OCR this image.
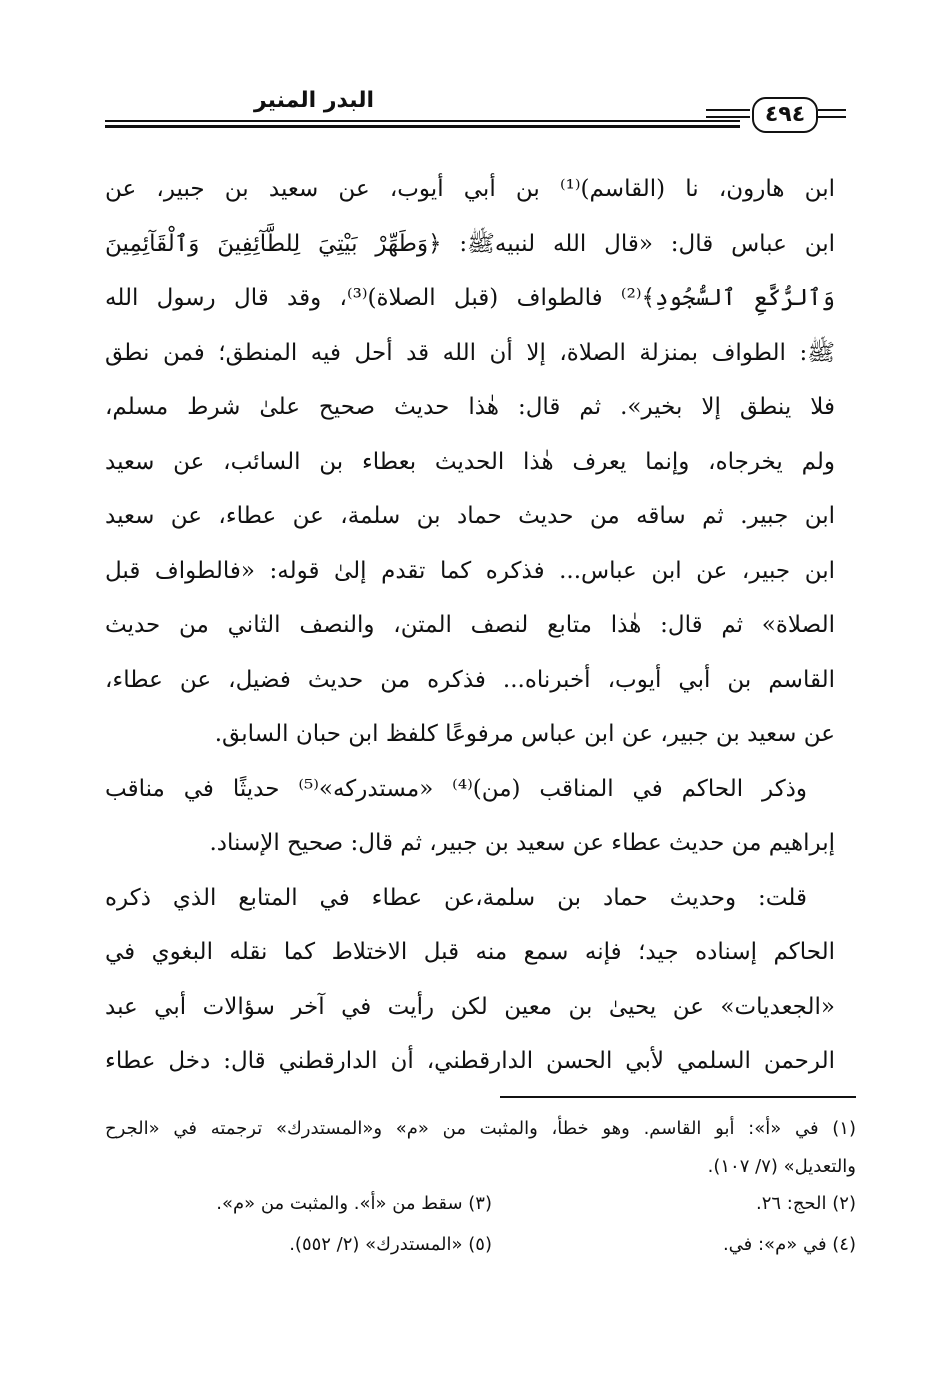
البدر المنير
٤٩٤
ابن هارون، نا (القاسم)⁽¹⁾ بن أبي أيوب، عن سعيد بن جبير، عن
ابن عباس قال: «قال الله لنبيهﷺ: ﴿وَطَهِّرْ بَيْتِيَ لِلطَّآئِفِينَ وَٱلْقَآئِمِينَ
وَٱلرُّكَّعِ ٱلسُّجُودِ﴾⁽²⁾ فالطواف (قبل الصلاة)⁽³⁾، وقد قال رسول الله
ﷺ: الطواف بمنزلة الصلاة، إلا أن الله قد أحل فيه المنطق؛ فمن نطق
فلا ينطق إلا بخير». ثم قال: هٰذا حديث صحيح علىٰ شرط مسلم،
ولم يخرجاه، وإنما يعرف هٰذا الحديث بعطاء بن السائب، عن سعيد
ابن جبير. ثم ساقه من حديث حماد بن سلمة، عن عطاء، عن سعيد
ابن جبير، عن ابن عباس... فذكره كما تقدم إلىٰ قوله: «فالطواف قبل
الصلاة» ثم قال: هٰذا متابع لنصف المتن، والنصف الثاني من حديث
القاسم بن أبي أيوب، أخبرناه... فذكره من حديث فضيل، عن عطاء،
عن سعيد بن جبير، عن ابن عباس مرفوعًا كلفظ ابن حبان السابق.
وذكر الحاكم في المناقب (من)⁽⁴⁾ «مستدركه»⁽⁵⁾ حديثًا في مناقب
إبراهيم من حديث عطاء عن سعيد بن جبير، ثم قال: صحيح الإسناد.
قلت: وحديث حماد بن سلمة،عن عطاء في المتابع الذي ذكره
الحاكم إسناده جيد؛ فإنه سمع منه قبل الاختلاط كما نقله البغوي في
«الجعديات» عن يحيىٰ بن معين لكن رأيت في آخر سؤالات أبي عبد
الرحمن السلمي لأبي الحسن الدارقطني، أن الدارقطني قال: دخل عطاء
(١) في «أ»: أبو القاسم. وهو خطأ، والمثبت من «م» و«المستدرك» ترجمته في «الجرح
والتعديل» (٧/ ١٠٧).
(٢) الحج: ٢٦.
(٣) سقط من «أ». والمثبت من «م».
(٤) في «م»: في.
(٥) «المستدرك» (٢/ ٥٥٢).
